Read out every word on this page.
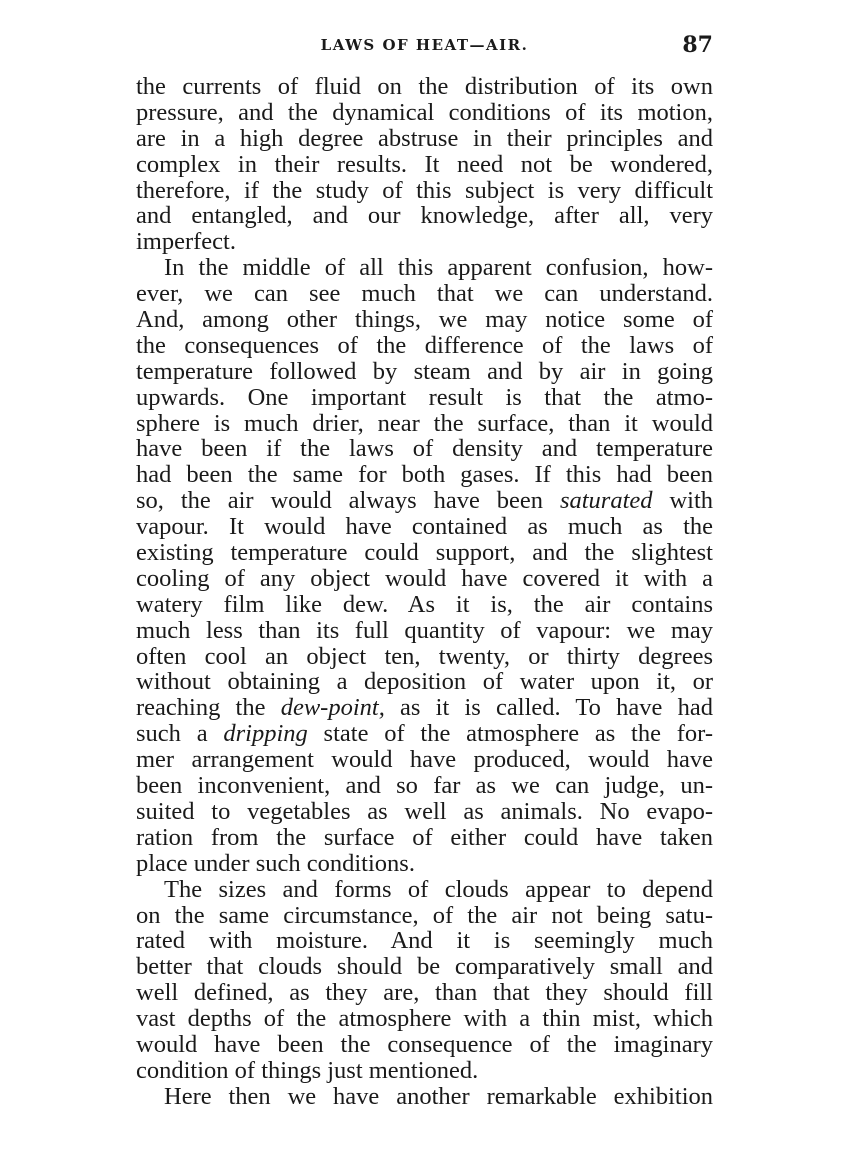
LAWS OF HEAT—AIR.	87
the currents of fluid on the distribution of its own
pressure, and the dynamical conditions of its motion,
are in a high degree abstruse in their principles and
complex in their results. It need not be wondered,
therefore, if the study of this subject is very difficult
and entangled, and our knowledge, after all, very
imperfect.
In the middle of all this apparent confusion, how-
ever, we can see much that we can understand.
And, among other things, we may notice some of
the consequences of the difference of the laws of
temperature followed by steam and by air in going
upwards. One important result is that the atmo-
sphere is much drier, near the surface, than it would
have been if the laws of density and temperature
had been the same for both gases. If this had been
so, the air would always have been saturated with
vapour. It would have contained as much as the
existing temperature could support, and the slightest
cooling of any object would have covered it with a
watery film like dew. As it is, the air contains
much less than its full quantity of vapour: we may
often cool an object ten, twenty, or thirty degrees
without obtaining a deposition of water upon it, or
reaching the dew-point, as it is called. To have had
such a dripping state of the atmosphere as the for-
mer arrangement would have produced, would have
been inconvenient, and so far as we can judge, un-
suited to vegetables as well as animals. No evapo-
ration from the surface of either could have taken
place under such conditions.
The sizes and forms of clouds appear to depend
on the same circumstance, of the air not being satu-
rated with moisture. And it is seemingly much
better that clouds should be comparatively small and
well defined, as they are, than that they should fill
vast depths of the atmosphere with a thin mist, which
would have been the consequence of the imaginary
condition of things just mentioned.
Here then we have another remarkable exhibition
